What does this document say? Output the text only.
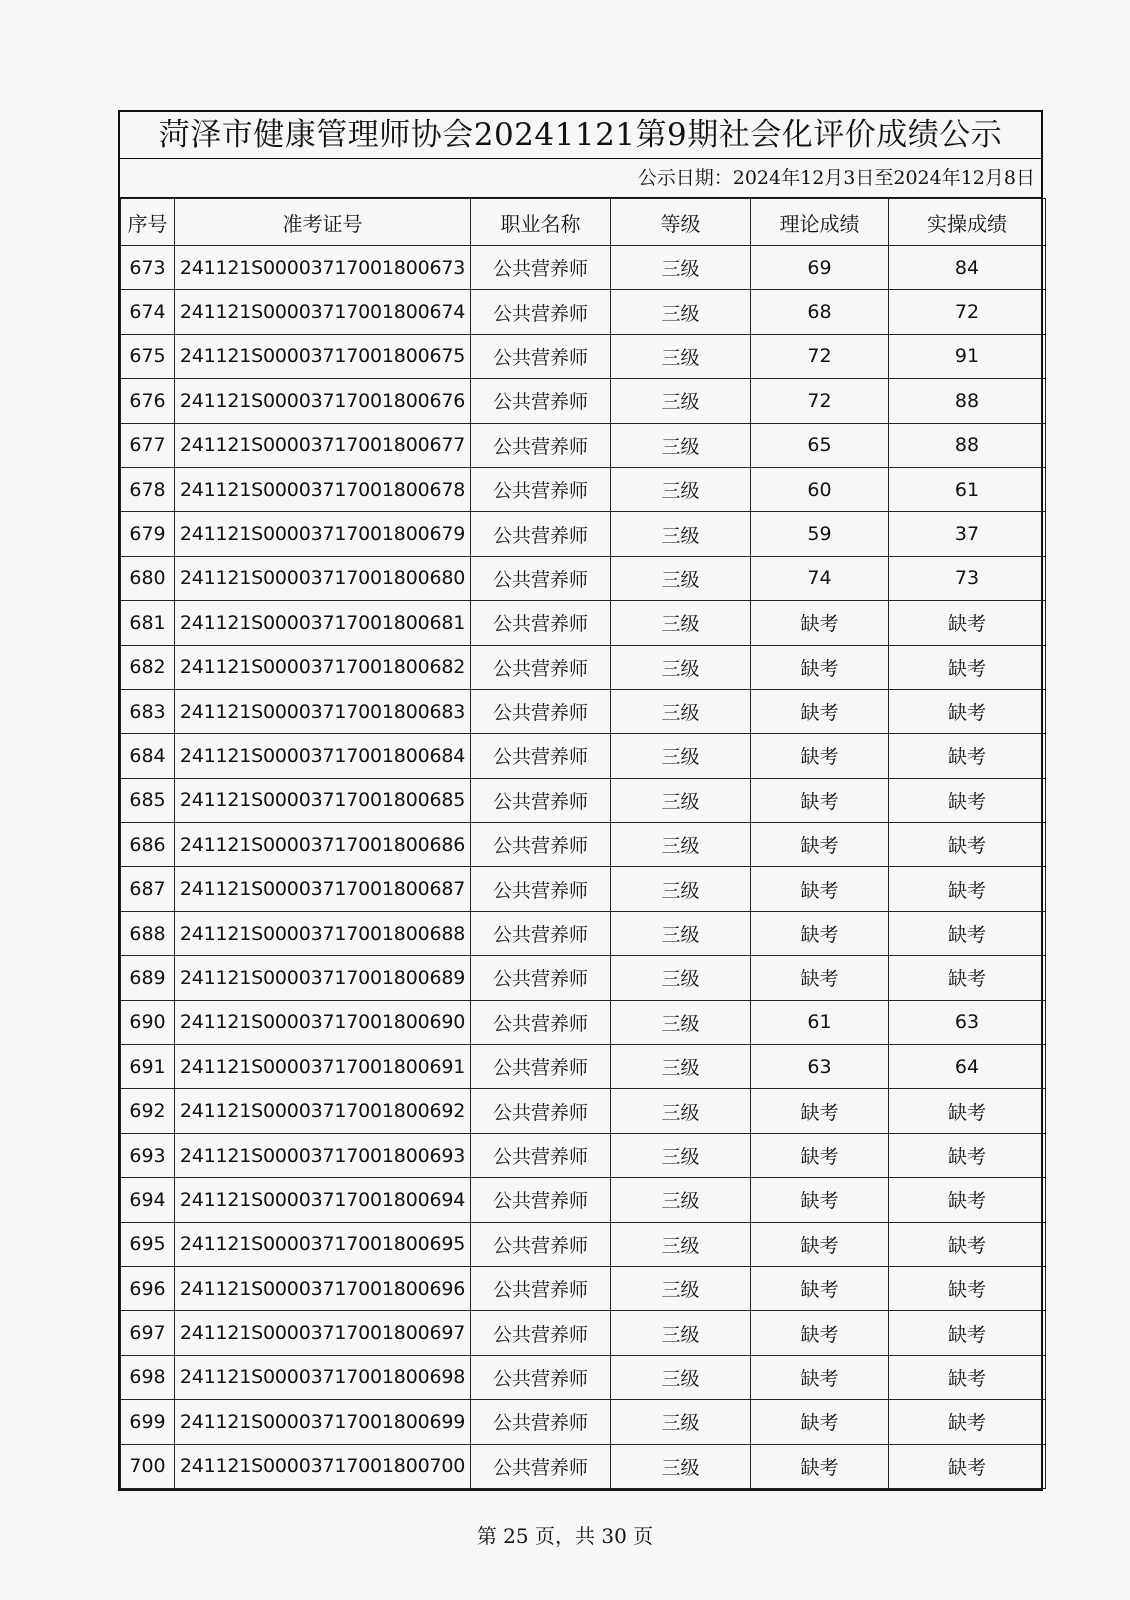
菏泽市健康管理师协会20241121第9期社会化评价成绩公示
公示日期：2024年12月3日至2024年12月8日
序号	准考证号	职业名称	等级	理论成绩	实操成绩
673	241121S00003717001800673	公共营养师	三级	69	84
674	241121S00003717001800674	公共营养师	三级	68	72
675	241121S00003717001800675	公共营养师	三级	72	91
676	241121S00003717001800676	公共营养师	三级	72	88
677	241121S00003717001800677	公共营养师	三级	65	88
678	241121S00003717001800678	公共营养师	三级	60	61
679	241121S00003717001800679	公共营养师	三级	59	37
680	241121S00003717001800680	公共营养师	三级	74	73
681	241121S00003717001800681	公共营养师	三级	缺考	缺考
682	241121S00003717001800682	公共营养师	三级	缺考	缺考
683	241121S00003717001800683	公共营养师	三级	缺考	缺考
684	241121S00003717001800684	公共营养师	三级	缺考	缺考
685	241121S00003717001800685	公共营养师	三级	缺考	缺考
686	241121S00003717001800686	公共营养师	三级	缺考	缺考
687	241121S00003717001800687	公共营养师	三级	缺考	缺考
688	241121S00003717001800688	公共营养师	三级	缺考	缺考
689	241121S00003717001800689	公共营养师	三级	缺考	缺考
690	241121S00003717001800690	公共营养师	三级	61	63
691	241121S00003717001800691	公共营养师	三级	63	64
692	241121S00003717001800692	公共营养师	三级	缺考	缺考
693	241121S00003717001800693	公共营养师	三级	缺考	缺考
694	241121S00003717001800694	公共营养师	三级	缺考	缺考
695	241121S00003717001800695	公共营养师	三级	缺考	缺考
696	241121S00003717001800696	公共营养师	三级	缺考	缺考
697	241121S00003717001800697	公共营养师	三级	缺考	缺考
698	241121S00003717001800698	公共营养师	三级	缺考	缺考
699	241121S00003717001800699	公共营养师	三级	缺考	缺考
700	241121S00003717001800700	公共营养师	三级	缺考	缺考
第 25 页，共 30 页
